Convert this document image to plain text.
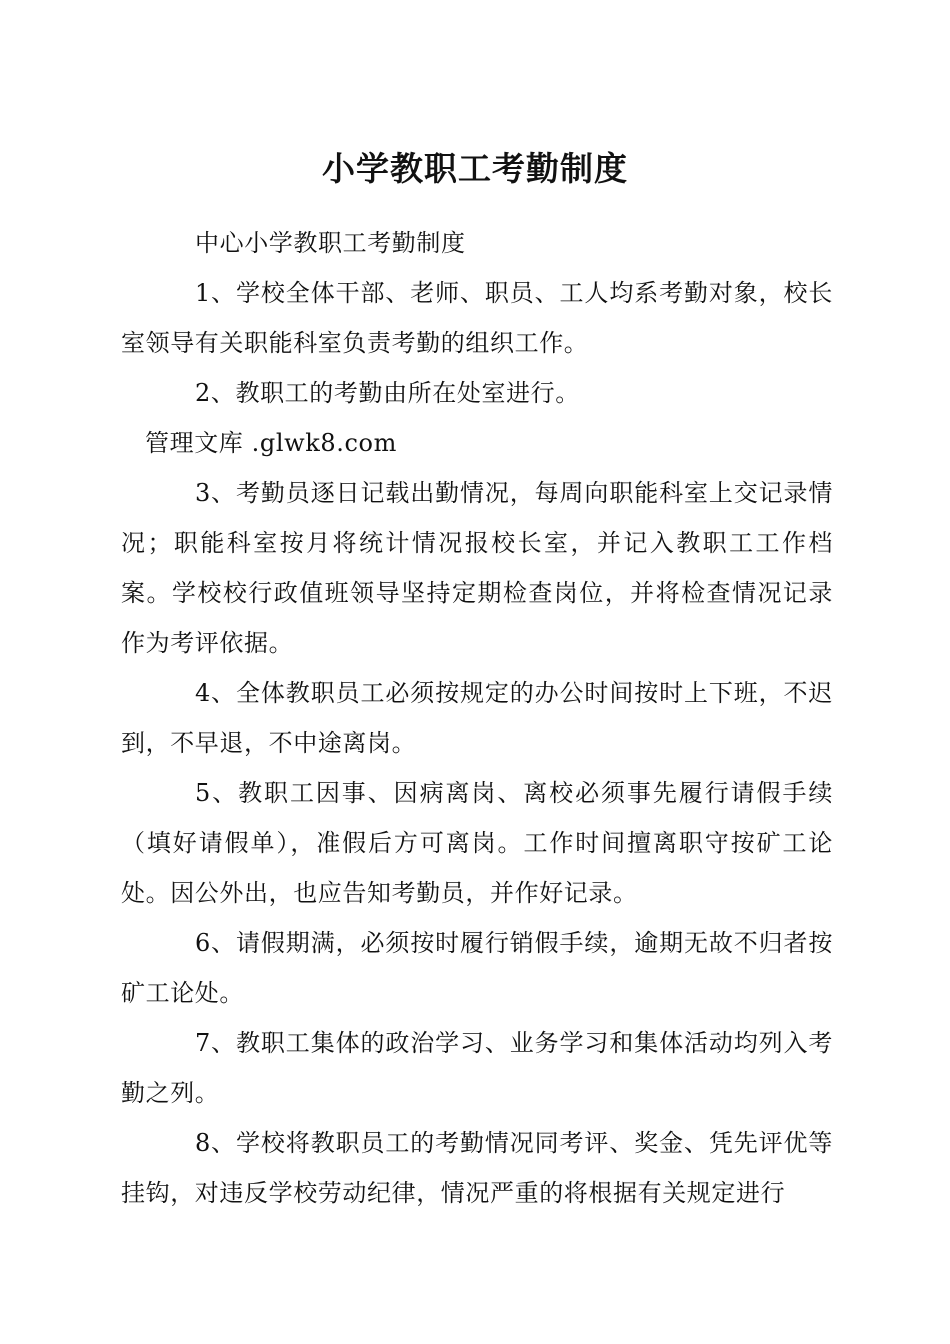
小学教职工考勤制度

中心小学教职工考勤制度

1、学校全体干部、老师、职员、工人均系考勤对象，校长室领导有关职能科室负责考勤的组织工作。

2、教职工的考勤由所在处室进行。

管理文库 .glwk8.com

3、考勤员逐日记载出勤情况，每周向职能科室上交记录情况；职能科室按月将统计情况报校长室，并记入教职工工作档案。学校校行政值班领导坚持定期检查岗位，并将检查情况记录作为考评依据。

4、全体教职员工必须按规定的办公时间按时上下班，不迟到，不早退，不中途离岗。

5、教职工因事、因病离岗、离校必须事先履行请假手续（填好请假单），准假后方可离岗。工作时间擅离职守按矿工论处。因公外出，也应告知考勤员，并作好记录。

6、请假期满，必须按时履行销假手续，逾期无故不归者按矿工论处。

7、教职工集体的政治学习、业务学习和集体活动均列入考勤之列。

8、学校将教职员工的考勤情况同考评、奖金、凭先评优等挂钩，对违反学校劳动纪律，情况严重的将根据有关规定进行
